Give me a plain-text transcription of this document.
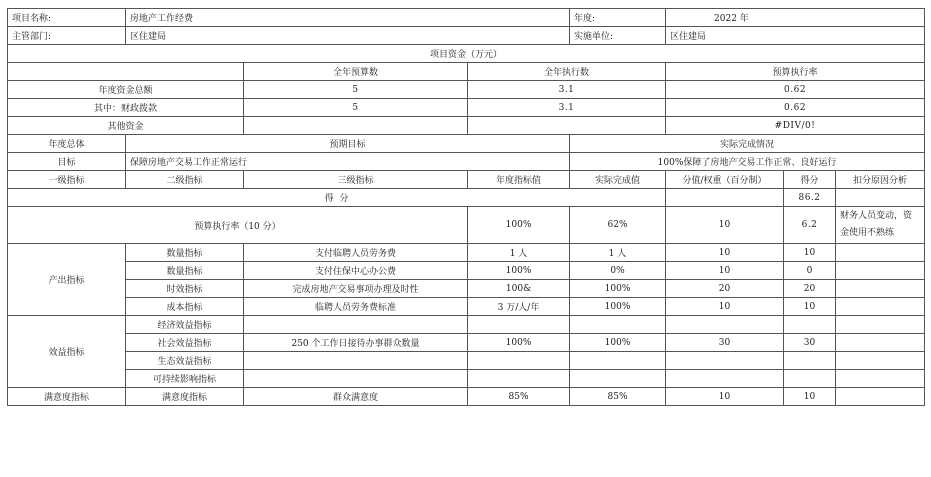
项目名称:	房地产工作经费			年度:	2022 年		
主管部门:	区住建局			实施单位:	区住建局		
项目资金（万元）							
		全年预算数	全年执行数		预算执行率		
年度资金总额		5	3.1		0.62		
其中：财政拨款		5	3.1		0.62		
其他资金					#DIV/0!		
年度总体	预期目标			实际完成情况			
目标	保障房地产交易工作正常运行			100%保障了房地产交易工作正常、良好运行			
一级指标	二级指标	三级指标	年度指标值	实际完成值	分值/权重（百分制）	得分	扣分原因分析
得  分						86.2	
预算执行率（10 分）			100%	62%	10	6.2	财务人员变动，资金使用不熟练
产出指标	数量指标	支付临聘人员劳务费	1 人	1 人	10	10	
	数量指标	支付住保中心办公费	100%	0%	10	0	
	时效指标	完成房地产交易事项办理及时性	100&	100%	20	20	
	成本指标	临聘人员劳务费标准	3 万/人/年	100%	10	10	
效益指标	经济效益指标						
	社会效益指标	250 个工作日接待办事群众数量	100%	100%	30	30	
	生态效益指标						
	可持续影响指标						
满意度指标	满意度指标	群众满意度	85%	85%	10	10	
